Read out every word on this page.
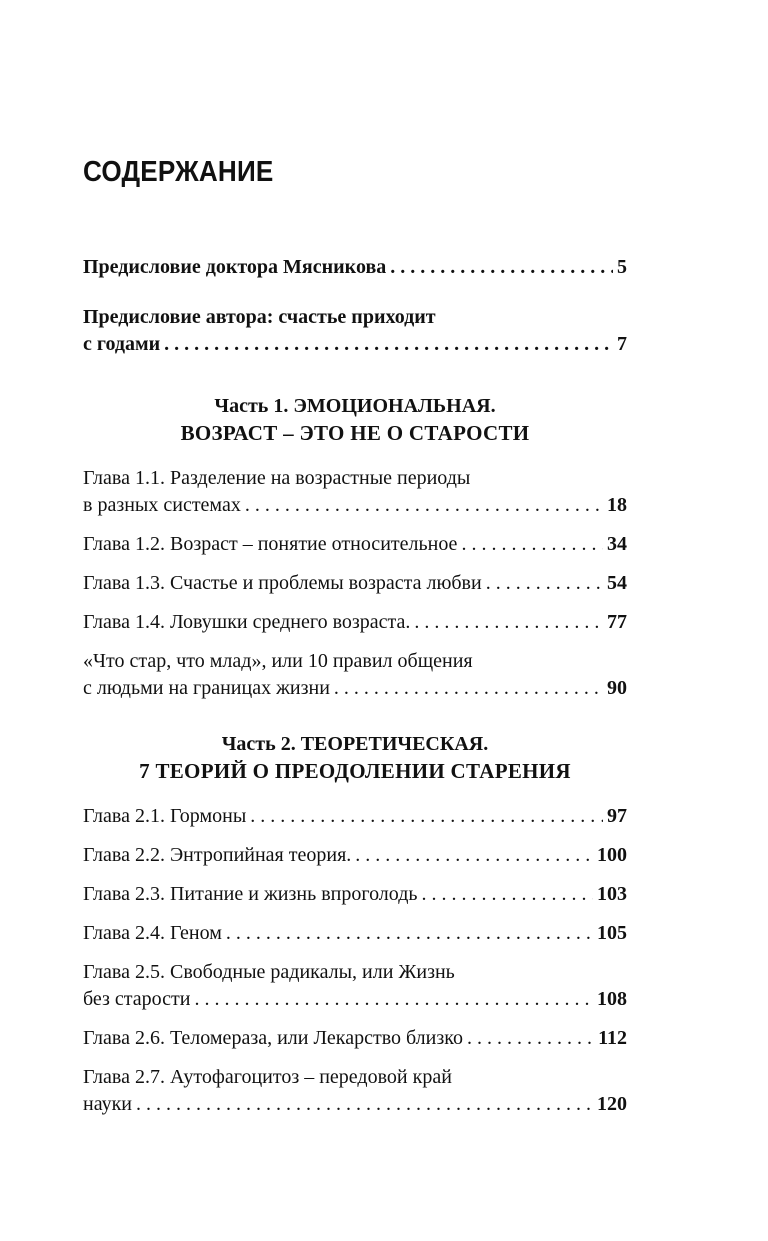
СОДЕРЖАНИЕ
Предисловие доктора Мясникова . . .	5
Предисловие автора: счастье приходит
с годами . . .	7
Часть 1. ЭМОЦИОНАЛЬНАЯ.
ВОЗРАСТ – ЭТО НЕ О СТАРОСТИ
Глава 1.1. Разделение на возрастные периоды
в разных системах . . .	18
Глава 1.2. Возраст – понятие относительное . . .	34
Глава 1.3. Счастье и проблемы возраста любви . . .	54
Глава 1.4. Ловушки среднего возраста. . . .	77
«Что стар, что млад», или 10 правил общения
с людьми на границах жизни . . .	90
Часть 2. ТЕОРЕТИЧЕСКАЯ.
7 ТЕОРИЙ О ПРЕОДОЛЕНИИ СТАРЕНИЯ
Глава 2.1. Гормоны . . .	97
Глава 2.2. Энтропийная теория. . . .	100
Глава 2.3. Питание и жизнь впроголодь . . .	103
Глава 2.4. Геном . . .	105
Глава 2.5. Свободные радикалы, или Жизнь
без старости . . .	108
Глава 2.6. Теломераза, или Лекарство близко . . .	112
Глава 2.7. Аутофагоцитоз – передовой край
науки . . .	120
